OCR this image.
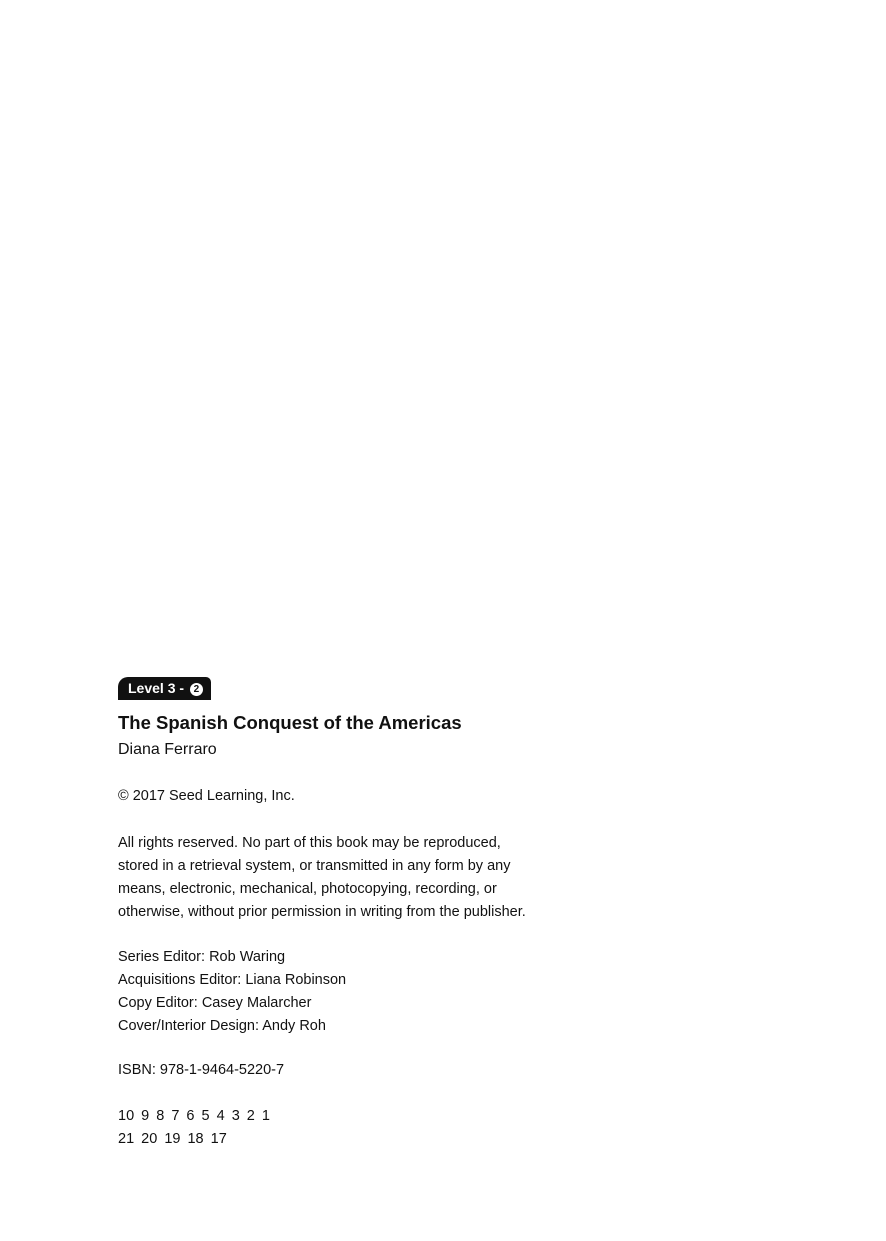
Level 3 - 2

The Spanish Conquest of the Americas

Diana Ferraro

© 2017 Seed Learning, Inc.

All rights reserved. No part of this book may be reproduced,
stored in a retrieval system, or transmitted in any form by any
means, electronic, mechanical, photocopying, recording, or
otherwise, without prior permission in writing from the publisher.

Series Editor: Rob Waring
Acquisitions Editor: Liana Robinson
Copy Editor: Casey Malarcher
Cover/Interior Design: Andy Roh

ISBN: 978-1-9464-5220-7

10 9 8 7 6 5 4 3 2 1
21 20 19 18 17
